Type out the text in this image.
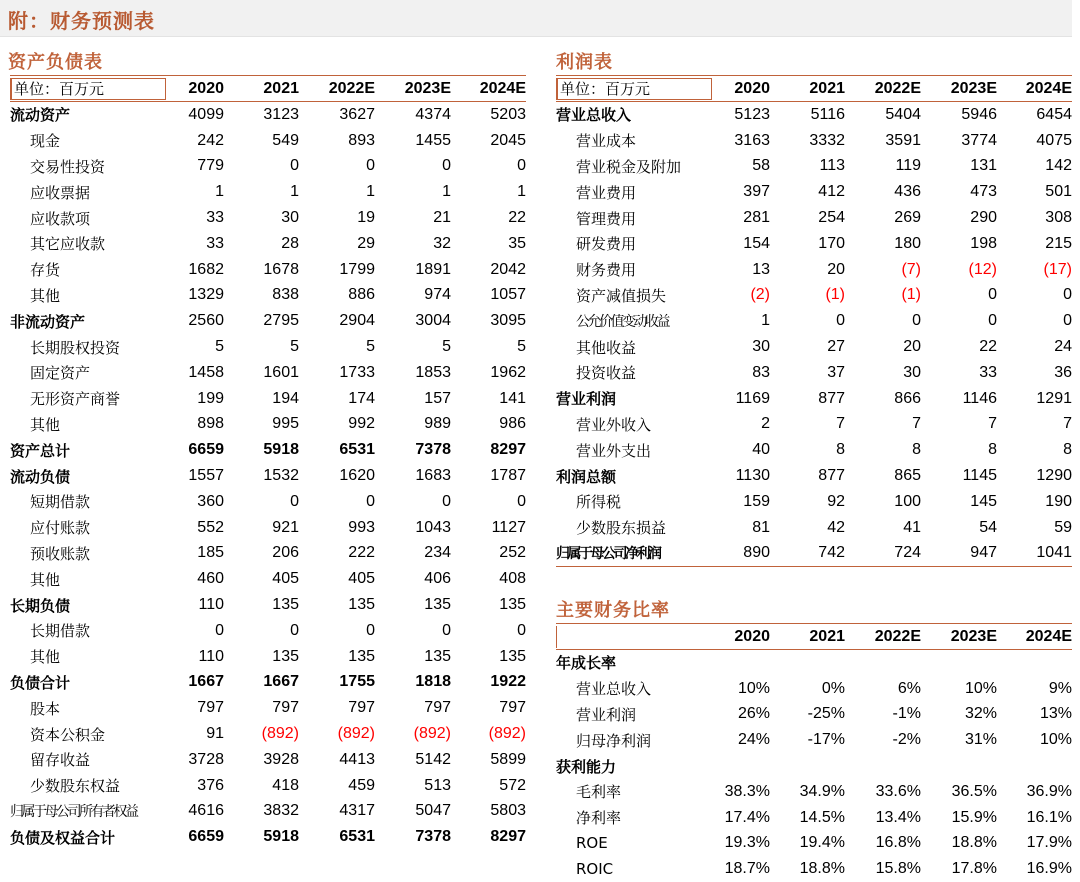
附：财务预测表
资产负债表
单位：百万元	2020	2021	2022E	2023E	2024E
流动资产	4099	3123	3627	4374	5203
现金	242	549	893	1455	2045
交易性投资	779	0	0	0	0
应收票据	1	1	1	1	1
应收款项	33	30	19	21	22
其它应收款	33	28	29	32	35
存货	1682	1678	1799	1891	2042
其他	1329	838	886	974	1057
非流动资产	2560	2795	2904	3004	3095
长期股权投资	5	5	5	5	5
固定资产	1458	1601	1733	1853	1962
无形资产商誉	199	194	174	157	141
其他	898	995	992	989	986
资产总计	6659	5918	6531	7378	8297
流动负债	1557	1532	1620	1683	1787
短期借款	360	0	0	0	0
应付账款	552	921	993	1043	1127
预收账款	185	206	222	234	252
其他	460	405	405	406	408
长期负债	110	135	135	135	135
长期借款	0	0	0	0	0
其他	110	135	135	135	135
负债合计	1667	1667	1755	1818	1922
股本	797	797	797	797	797
资本公积金	91	(892)	(892)	(892)	(892)
留存收益	3728	3928	4413	5142	5899
少数股东权益	376	418	459	513	572
归属于母公司所有者权益	4616	3832	4317	5047	5803
负债及权益合计	6659	5918	6531	7378	8297
利润表
单位：百万元	2020	2021	2022E	2023E	2024E
营业总收入	5123	5116	5404	5946	6454
营业成本	3163	3332	3591	3774	4075
营业税金及附加	58	113	119	131	142
营业费用	397	412	436	473	501
管理费用	281	254	269	290	308
研发费用	154	170	180	198	215
财务费用	13	20	(7)	(12)	(17)
资产减值损失	(2)	(1)	(1)	0	0
公允价值变动收益	1	0	0	0	0
其他收益	30	27	20	22	24
投资收益	83	37	30	33	36
营业利润	1169	877	866	1146	1291
营业外收入	2	7	7	7	7
营业外支出	40	8	8	8	8
利润总额	1130	877	865	1145	1290
所得税	159	92	100	145	190
少数股东损益	81	42	41	54	59
归属于母公司净利润	890	742	724	947	1041
主要财务比率
2020	2021	2022E	2023E	2024E
年成长率
营业总收入	10%	0%	6%	10%	9%
营业利润	26%	-25%	-1%	32%	13%
归母净利润	24%	-17%	-2%	31%	10%
获利能力
毛利率	38.3%	34.9%	33.6%	36.5%	36.9%
净利率	17.4%	14.5%	13.4%	15.9%	16.1%
ROE	19.3%	19.4%	16.8%	18.8%	17.9%
ROIC	18.7%	18.8%	15.8%	17.8%	16.9%
